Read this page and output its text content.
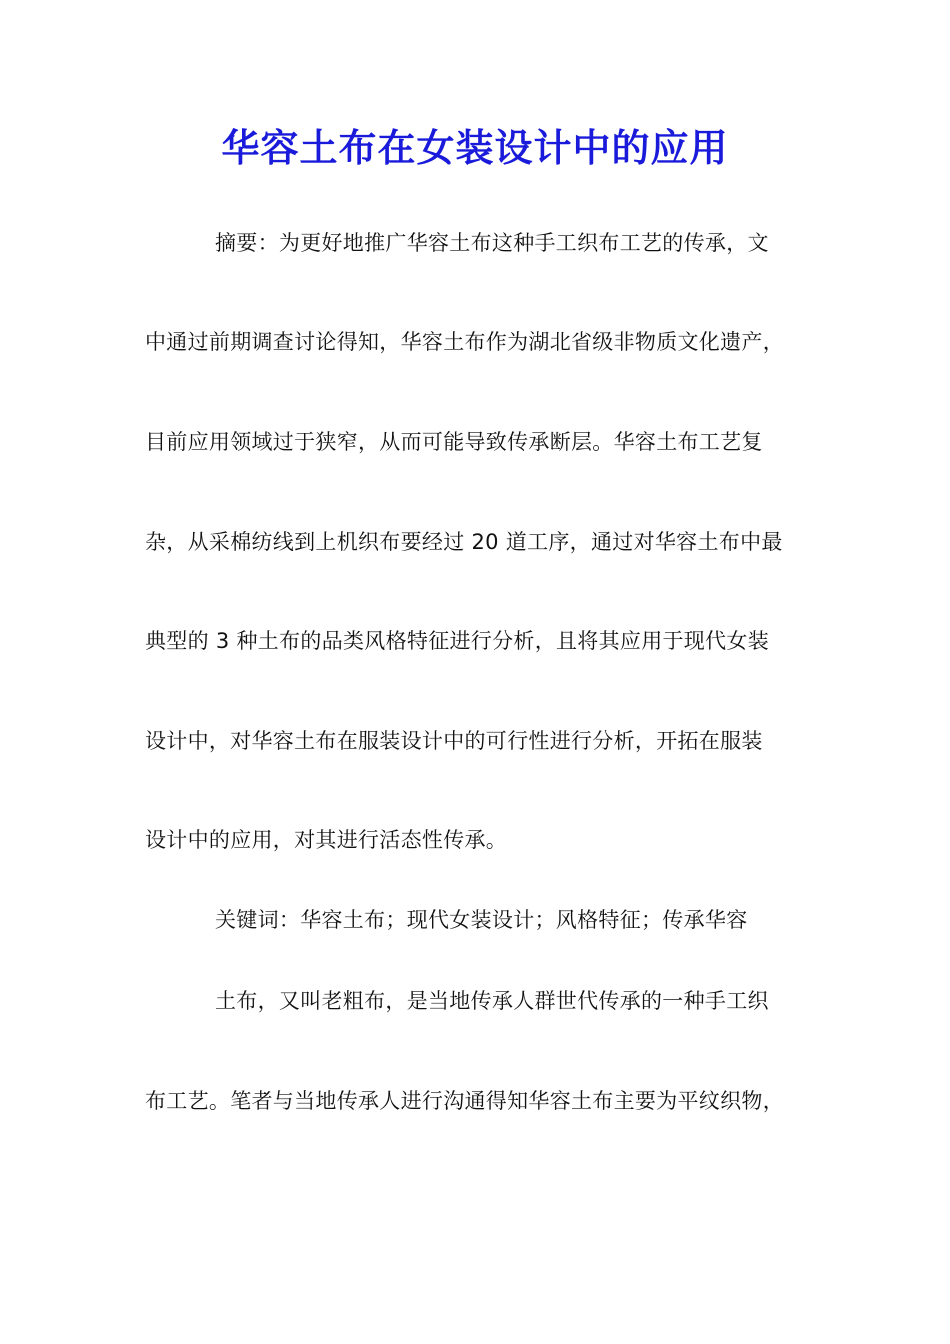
华容土布在女装设计中的应用
摘要：为更好地推广华容土布这种手工织布工艺的传承，文
中通过前期调查讨论得知，华容土布作为湖北省级非物质文化遗产，
目前应用领域过于狭窄，从而可能导致传承断层。华容土布工艺复
杂，从采棉纺线到上机织布要经过 20 道工序，通过对华容土布中最
典型的 3 种土布的品类风格特征进行分析，且将其应用于现代女装
设计中，对华容土布在服装设计中的可行性进行分析，开拓在服装
设计中的应用，对其进行活态性传承。
关键词：华容土布；现代女装设计；风格特征；传承华容
土布，又叫老粗布，是当地传承人群世代传承的一种手工织
布工艺。笔者与当地传承人进行沟通得知华容土布主要为平纹织物，
